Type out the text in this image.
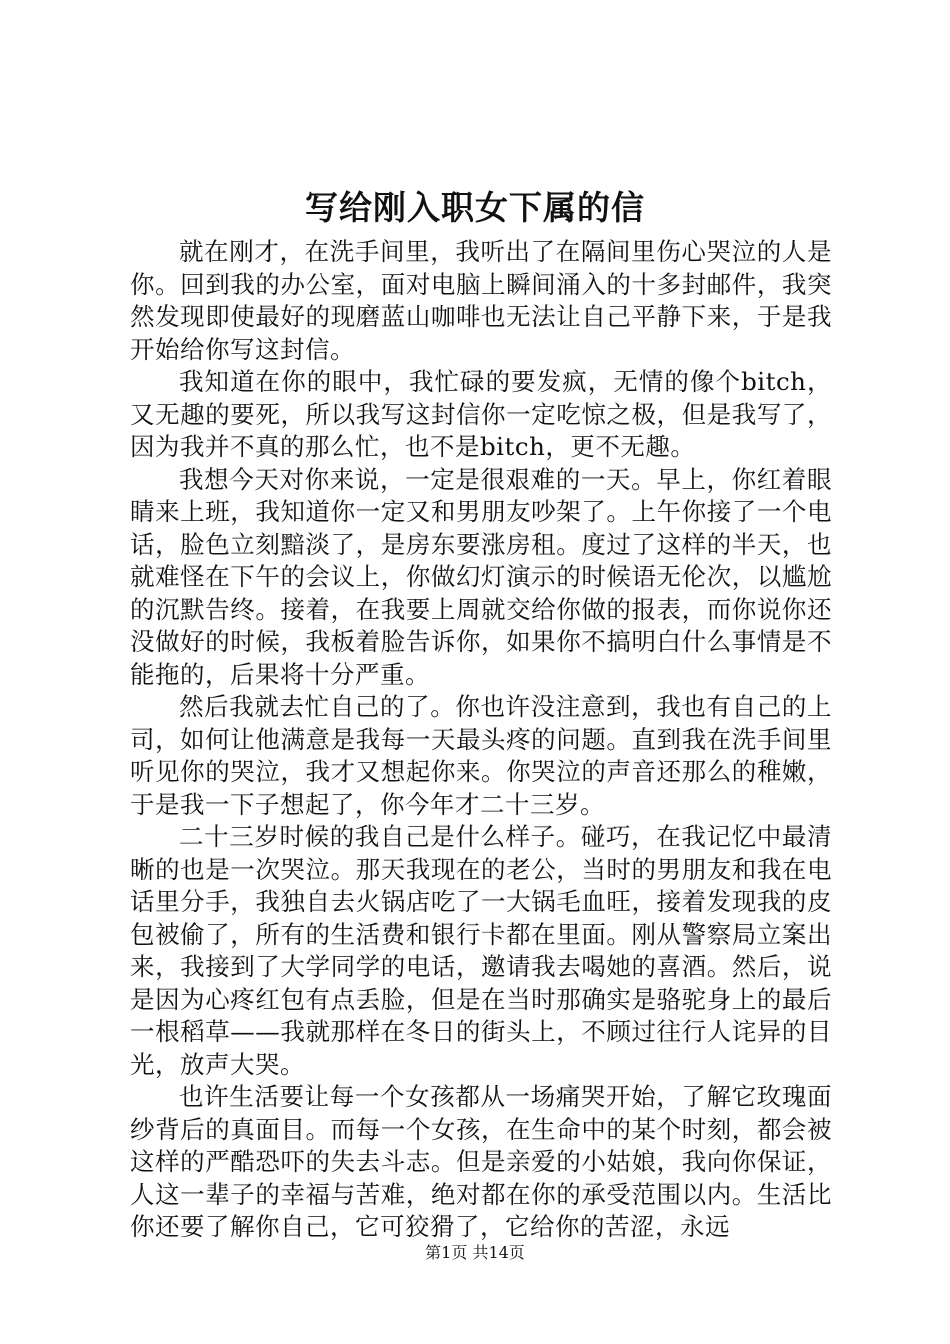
写给刚入职女下属的信

就在刚才，在洗手间里，我听出了在隔间里伤心哭泣的人是你。回到我的办公室，面对电脑上瞬间涌入的十多封邮件，我突然发现即使最好的现磨蓝山咖啡也无法让自己平静下来，于是我开始给你写这封信。

我知道在你的眼中，我忙碌的要发疯，无情的像个bitch，又无趣的要死，所以我写这封信你一定吃惊之极，但是我写了，因为我并不真的那么忙，也不是bitch，更不无趣。

我想今天对你来说，一定是很艰难的一天。早上，你红着眼睛来上班，我知道你一定又和男朋友吵架了。上午你接了一个电话，脸色立刻黯淡了，是房东要涨房租。度过了这样的半天，也就难怪在下午的会议上，你做幻灯演示的时候语无伦次，以尴尬的沉默告终。接着，在我要上周就交给你做的报表，而你说你还没做好的时候，我板着脸告诉你，如果你不搞明白什么事情是不能拖的，后果将十分严重。

然后我就去忙自己的了。你也许没注意到，我也有自己的上司，如何让他满意是我每一天最头疼的问题。直到我在洗手间里听见你的哭泣，我才又想起你来。你哭泣的声音还那么的稚嫩，于是我一下子想起了，你今年才二十三岁。

二十三岁时候的我自己是什么样子。碰巧，在我记忆中最清晰的也是一次哭泣。那天我现在的老公，当时的男朋友和我在电话里分手，我独自去火锅店吃了一大锅毛血旺，接着发现我的皮包被偷了，所有的生活费和银行卡都在里面。刚从警察局立案出来，我接到了大学同学的电话，邀请我去喝她的喜酒。然后，说是因为心疼红包有点丢脸，但是在当时那确实是骆驼身上的最后一根稻草——我就那样在冬日的街头上，不顾过往行人诧异的目光，放声大哭。

也许生活要让每一个女孩都从一场痛哭开始，了解它玫瑰面纱背后的真面目。而每一个女孩，在生命中的某个时刻，都会被这样的严酷恐吓的失去斗志。但是亲爱的小姑娘，我向你保证，人这一辈子的幸福与苦难，绝对都在你的承受范围以内。生活比你还要了解你自己，它可狡猾了，它给你的苦涩，永远

第1页 共14页
